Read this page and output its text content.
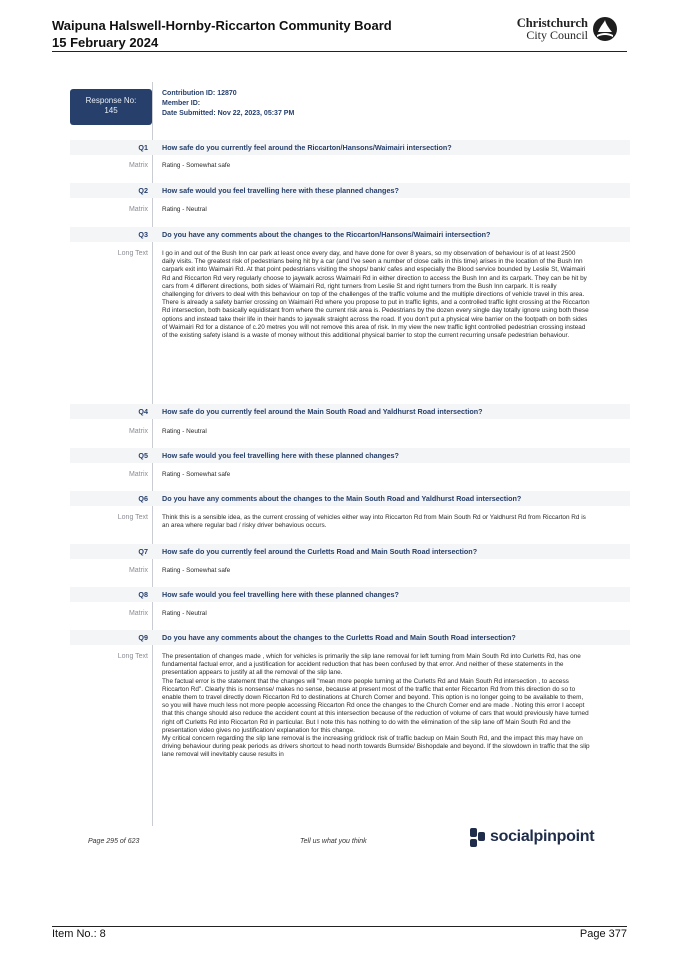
Waipuna Halswell-Hornby-Riccarton Community Board
15 February 2024
Christchurch
City Council
Response No:
145
Contribution ID: 12870
Member ID:
Date Submitted: Nov 22, 2023, 05:37 PM
Q1 How safe do you currently feel around the Riccarton/Hansons/Waimairi intersection?
Matrix Rating - Somewhat safe
Q2 How safe would you feel travelling here with these planned changes?
Matrix Rating - Neutral
Q3 Do you have any comments about the changes to the Riccarton/Hansons/Waimairi intersection?
Long Text I go in and out of the Bush Inn car park at least once every day, and have done for over 8 years, so my observation of behaviour is of at least 2500 daily visits. The greatest risk of pedestrians being hit by a car (and I've seen a number of close calls in this time) arises in the location of the Bush Inn carpark exit into Waimairi Rd. At that point pedestrians visiting the shops/ bank/ cafes and especially the Blood service bounded by Leslie St, Waimairi Rd and Riccarton Rd very regularly choose to jaywalk across Waimairi Rd in either direction to access the Bush Inn and its carpark. They can be hit by cars from 4 different directions, both sides of Waimairi Rd, right turners from Leslie St and right turners from the Bush Inn carpark. It is really challenging for drivers to deal with this behaviour on top of the challenges of the traffic volume and the multiple directions of vehicle travel in this area. There is already a safety barrier crossing on Waimairi Rd where you propose to put in traffic lights, and a controlled traffic light crossing at the Riccarton Rd intersection, both basically equidistant from where the current risk area is. Pedestrians by the dozen every single day totally ignore using both these options and instead take their life in their hands to jaywalk straight across the road. If you don't put a physical wire barrier on the footpath on both sides of Waimairi Rd for a distance of c.20 metres you will not remove this area of risk. In my view the new traffic light controlled pedestrian crossing instead of the existing safety island is a waste of money without this additional physical barrier to stop the current recurring unsafe pedestrian behaviour.
Q4 How safe do you currently feel around the Main South Road and Yaldhurst Road intersection?
Matrix Rating - Neutral
Q5 How safe would you feel travelling here with these planned changes?
Matrix Rating - Somewhat safe
Q6 Do you have any comments about the changes to the Main South Road and Yaldhurst Road intersection?
Long Text Think this is a sensible idea, as the current crossing of vehicles either way into Riccarton Rd from Main South Rd or Yaldhurst Rd from Riccarton Rd is an area where regular bad / risky driver behavious occurs.
Q7 How safe do you currently feel around the Curletts Road and Main South Road intersection?
Matrix Rating - Somewhat safe
Q8 How safe would you feel travelling here with these planned changes?
Matrix Rating - Neutral
Q9 Do you have any comments about the changes to the Curletts Road and Main South Road intersection?
Long Text The presentation of changes made , which for vehicles is primarily the slip lane removal for left turning from Main South Rd into Curletts Rd, has one fundamental factual error, and a justification for accident reduction that has been confused by that error. And neither of these statements in the presentation appears to justify at all the removal of the slip lane.

The factual error is the statement that the changes will "mean more people turning at the Curletts Rd and Main South Rd intersection , to access Riccarton Rd". Clearly this is nonsense/ makes no sense, because at present most of the traffic that enter Riccarton Rd from this direction do so to enable them to travel directly down Riccarton Rd to destinations at Church Corner and beyond. This option is no longer going to be available to them, so you will have much less not more people accessing Riccarton Rd once the changes to the Church Corner end are made . Noting this error I accept that this change should also reduce the accident count at this intersection because of the reduction of volume of cars that would previously have turned right off Curletts Rd into Riccarton Rd in particular. But I note this has nothing to do with the elimination of the slip lane off Main South Rd and the presentation video gives no justification/ explanation for this change.

My critical concern regarding the slip lane removal is the increasing gridlock risk of traffic backup on Main South Rd, and the impact this may have on driving behaviour during peak periods as drivers shortcut to head north towards Burnside/ Bishopdale and beyond. If the slowdown in traffic that the slip lane removal will inevitably cause results in

Page 295 of 623	Tell us what you think	socialpinpoint
Item No.: 8	Page 377
